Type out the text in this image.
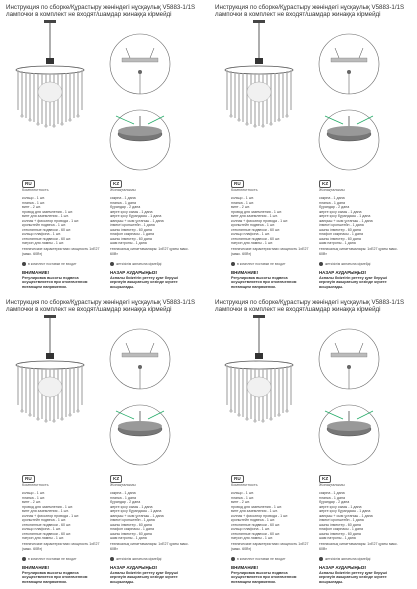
Инструкция по сборке/Құрастыру жөніндегі нұсқаулық V5883-1/1S лампочки в комплект не входят/шамдар жинаққа кірмейді
RU	KZ
Комплектность	Жинақталымы
кольцо - 1 шт.
планка - 1 шт.
винт - 2 шт.
провод для заземления - 1 шт.
винт для заземления - 1 шт.
колпак + фиксатор провода - 1 шт.
кронштейн подвеса - 1 шт.
стеклянные подвески - 60 шт.
кольцо плафона - 1 шт.
стеклянные подвески - 60 шт.
патрон для лампы - 1 шт.
сақина - 1 дана
планка - 1 дана
бұрандар - 2 дана
жерге қосу сымы - 1 дана
жерге қосу бұрандасы - 1 дана
жапқыш + сым ұстағыш - 1 дана
ілмекті кронштейн - 1 дана
шыны ілмектер - 60 дана
плафон сақинасы - 1 дана
шыны ілмектер - 60 дана
шам патроны - 1 дана
технические характеристики: мощность 1xE27 (макс. 60Вт)
техникалық сипаттамалары: 1xE27 қуаты макс. 60Вт
в комплект поставки не входит	жеткізілім жинағына кірмейді
ВНИМАНИЕ!	НАЗАР АУДАРЫҢЫЗ!
Регулировка высоты подвеса осуществляется при отключенном питающем напряжении.
Аспалы биіктігін реттеу қуат берушi кернеуін ажыратылу кезінде жүзеге асырылады.
Инструкция по сборке/Құрастыру жөніндегі нұсқаулық V5883-1/1S лампочки в комплект не входят/шамдар жинаққа кірмейді
RU	KZ
Комплектность	Жинақталымы
кольцо - 1 шт.
планка - 1 шт.
винт - 2 шт.
провод для заземления - 1 шт.
винт для заземления - 1 шт.
колпак + фиксатор провода - 1 шт.
кронштейн подвеса - 1 шт.
стеклянные подвески - 60 шт.
кольцо плафона - 1 шт.
стеклянные подвески - 60 шт.
патрон для лампы - 1 шт.
сақина - 1 дана
планка - 1 дана
бұрандар - 2 дана
жерге қосу сымы - 1 дана
жерге қосу бұрандасы - 1 дана
жапқыш + сым ұстағыш - 1 дана
ілмекті кронштейн - 1 дана
шыны ілмектер - 60 дана
плафон сақинасы - 1 дана
шыны ілмектер - 60 дана
шам патроны - 1 дана
технические характеристики: мощность 1xE27 (макс. 60Вт)
техникалық сипаттамалары: 1xE27 қуаты макс. 60Вт
в комплект поставки не входит	жеткізілім жинағына кірмейді
ВНИМАНИЕ!	НАЗАР АУДАРЫҢЫЗ!
Регулировка высоты подвеса осуществляется при отключенном питающем напряжении.
Аспалы биіктігін реттеу қуат берушi кернеуін ажыратылу кезінде жүзеге асырылады.
Инструкция по сборке/Құрастыру жөніндегі нұсқаулық V5883-1/1S лампочки в комплект не входят/шамдар жинаққа кірмейді
RU	KZ
Комплектность	Жинақталымы
кольцо - 1 шт.
планка - 1 шт.
винт - 2 шт.
провод для заземления - 1 шт.
винт для заземления - 1 шт.
колпак + фиксатор провода - 1 шт.
кронштейн подвеса - 1 шт.
стеклянные подвески - 60 шт.
кольцо плафона - 1 шт.
стеклянные подвески - 60 шт.
патрон для лампы - 1 шт.
сақина - 1 дана
планка - 1 дана
бұрандар - 2 дана
жерге қосу сымы - 1 дана
жерге қосу бұрандасы - 1 дана
жапқыш + сым ұстағыш - 1 дана
ілмекті кронштейн - 1 дана
шыны ілмектер - 60 дана
плафон сақинасы - 1 дана
шыны ілмектер - 60 дана
шам патроны - 1 дана
технические характеристики: мощность 1xE27 (макс. 60Вт)
техникалық сипаттамалары: 1xE27 қуаты макс. 60Вт
в комплект поставки не входит	жеткізілім жинағына кірмейді
ВНИМАНИЕ!	НАЗАР АУДАРЫҢЫЗ!
Регулировка высоты подвеса осуществляется при отключенном питающем напряжении.
Аспалы биіктігін реттеу қуат берушi кернеуін ажыратылу кезінде жүзеге асырылады.
Инструкция по сборке/Құрастыру жөніндегі нұсқаулық V5883-1/1S лампочки в комплект не входят/шамдар жинаққа кірмейді
RU	KZ
Комплектность	Жинақталымы
кольцо - 1 шт.
планка - 1 шт.
винт - 2 шт.
провод для заземления - 1 шт.
винт для заземления - 1 шт.
колпак + фиксатор провода - 1 шт.
кронштейн подвеса - 1 шт.
стеклянные подвески - 60 шт.
кольцо плафона - 1 шт.
стеклянные подвески - 60 шт.
патрон для лампы - 1 шт.
сақина - 1 дана
планка - 1 дана
бұрандар - 2 дана
жерге қосу сымы - 1 дана
жерге қосу бұрандасы - 1 дана
жапқыш + сым ұстағыш - 1 дана
ілмекті кронштейн - 1 дана
шыны ілмектер - 60 дана
плафон сақинасы - 1 дана
шыны ілмектер - 60 дана
шам патроны - 1 дана
технические характеристики: мощность 1xE27 (макс. 60Вт)
техникалық сипаттамалары: 1xE27 қуаты макс. 60Вт
в комплект поставки не входит	жеткізілім жинағына кірмейді
ВНИМАНИЕ!	НАЗАР АУДАРЫҢЫЗ!
Регулировка высоты подвеса осуществляется при отключенном питающем напряжении.
Аспалы биіктігін реттеу қуат берушi кернеуін ажыратылу кезінде жүзеге асырылады.
